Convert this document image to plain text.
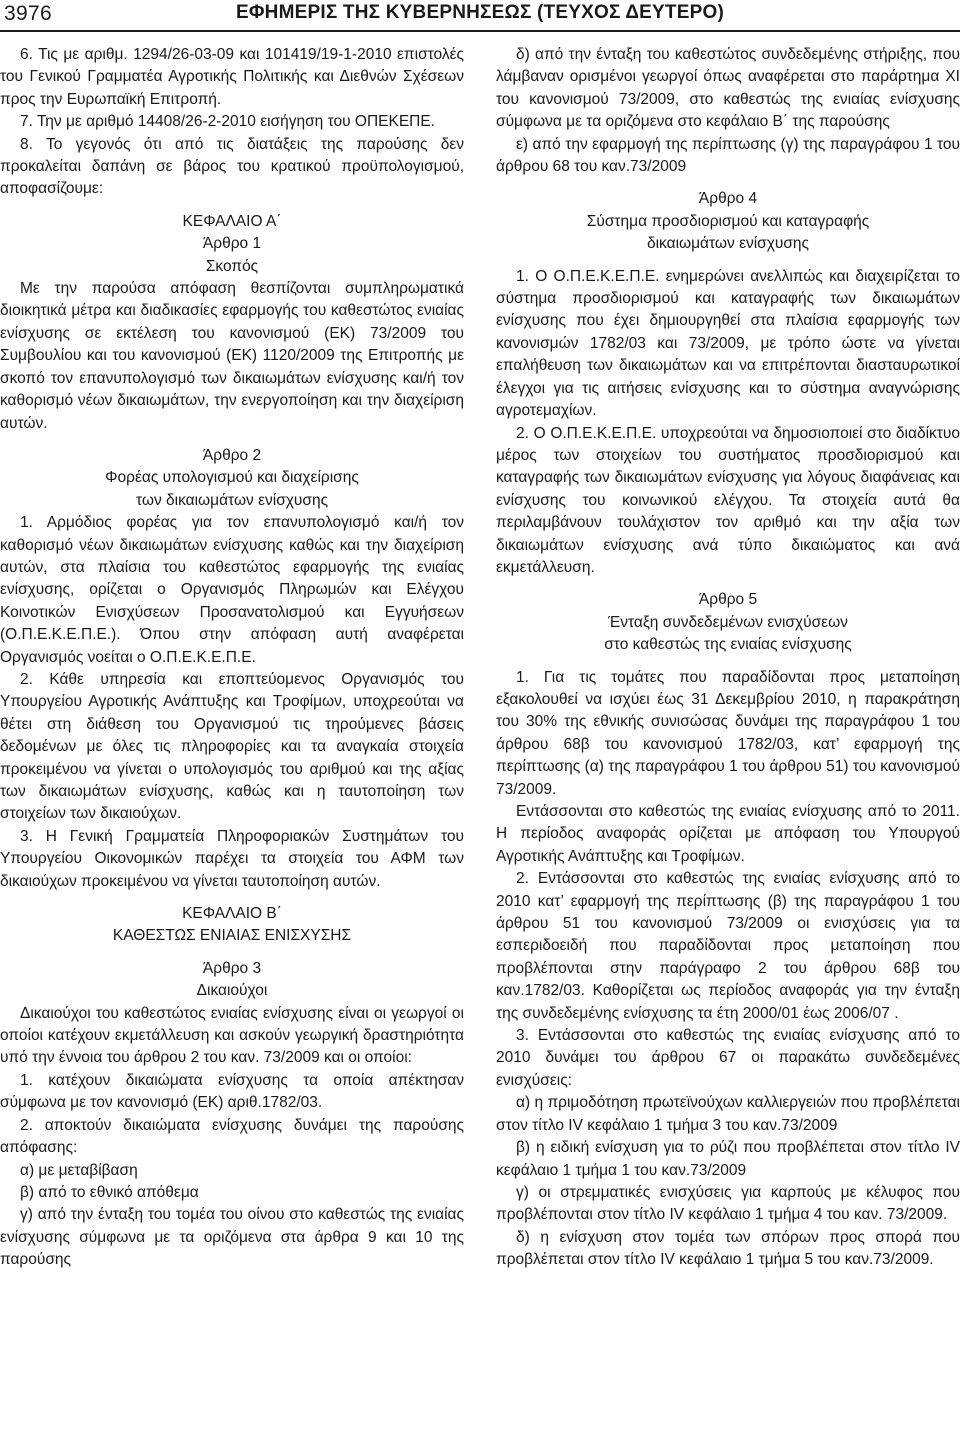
3976	ΕΦΗΜΕΡΙΣ ΤΗΣ ΚΥΒΕΡΝΗΣΕΩΣ (ΤΕΥΧΟΣ ΔΕΥΤΕΡΟ)

6. Τις με αριθμ. 1294/26-03-09 και 101419/19-1-2010 επιστολές του Γενικού Γραμματέα Αγροτικής Πολιτικής και Διεθνών Σχέσεων προς την Ευρωπαϊκή Επιτροπή.

7. Την με αριθμό 14408/26-2-2010 εισήγηση του ΟΠΕΚΕΠΕ.

8. Το γεγονός ότι από τις διατάξεις της παρούσης δεν προκαλείται δαπάνη σε βάρος του κρατικού προϋπολογισμού, αποφασίζουμε:

ΚΕΦΑΛΑΙΟ Α΄

Άρθρο 1

Σκοπός

Με την παρούσα απόφαση θεσπίζονται συμπληρωματικά διοικητικά μέτρα και διαδικασίες εφαρμογής του καθεστώτος ενιαίας ενίσχυσης σε εκτέλεση του κανονισμού (ΕΚ) 73/2009 του Συμβουλίου και του κανονισμού (ΕΚ) 1120/2009 της Επιτροπής με σκοπό τον επανυπολογισμό των δικαιωμάτων ενίσχυσης και/ή τον καθορισμό νέων δικαιωμάτων, την ενεργοποίηση και την διαχείριση αυτών.

Άρθρο 2

Φορέας υπολογισμού και διαχείρισης

των δικαιωμάτων ενίσχυσης

1. Αρμόδιος φορέας για τον επανυπολογισμό και/ή τον καθορισμό νέων δικαιωμάτων ενίσχυσης καθώς και την διαχείριση αυτών, στα πλαίσια του καθεστώτος εφαρμογής της ενιαίας ενίσχυσης, ορίζεται ο Οργανισμός Πληρωμών και Ελέγχου Κοινοτικών Ενισχύσεων Προσανατολισμού και Εγγυήσεων (Ο.Π.Ε.Κ.Ε.Π.Ε.). Όπου στην απόφαση αυτή αναφέρεται Οργανισμός νοείται ο Ο.Π.Ε.Κ.Ε.Π.Ε.

2. Κάθε υπηρεσία και εποπτεύομενος Οργανισμός του Υπουργείου Αγροτικής Ανάπτυξης και Τροφίμων, υποχρεούται να θέτει στη διάθεση του Οργανισμού τις τηρούμενες βάσεις δεδομένων με όλες τις πληροφορίες και τα αναγκαία στοιχεία προκειμένου να γίνεται ο υπολογισμός του αριθμού και της αξίας των δικαιωμάτων ενίσχυσης, καθώς και η ταυτοποίηση των στοιχείων των δικαιούχων.

3. Η Γενική Γραμματεία Πληροφοριακών Συστημάτων του Υπουργείου Οικονομικών παρέχει τα στοιχεία του ΑΦΜ των δικαιούχων προκειμένου να γίνεται ταυτοποίηση αυτών.

ΚΕΦΑΛΑΙΟ Β΄

ΚΑΘΕΣΤΩΣ ΕΝΙΑΙΑΣ ΕΝΙΣΧΥΣΗΣ

Άρθρο 3

Δικαιούχοι

Δικαιούχοι του καθεστώτος ενιαίας ενίσχυσης είναι οι γεωργοί οι οποίοι κατέχουν εκμετάλλευση και ασκούν γεωργική δραστηριότητα υπό την έννοια του άρθρου 2 του καν. 73/2009 και οι οποίοι:

1. κατέχουν δικαιώματα ενίσχυσης τα οποία απέκτησαν σύμφωνα με τον κανονισμό (ΕΚ) αριθ.1782/03.

2. αποκτούν δικαιώματα ενίσχυσης δυνάμει της παρούσης απόφασης:

α) με μεταβίβαση

β) από το εθνικό απόθεμα

γ) από την ένταξη του τομέα του οίνου στο καθεστώς της ενιαίας ενίσχυσης σύμφωνα με τα οριζόμενα στα άρθρα 9 και 10 της παρούσης

δ) από την ένταξη του καθεστώτος συνδεδεμένης στήριξης, που λάμβαναν ορισμένοι γεωργοί όπως αναφέρεται στο παράρτημα XI του κανονισμού 73/2009, στο καθεστώς της ενιαίας ενίσχυσης σύμφωνα με τα οριζόμενα στο κεφάλαιο Β΄ της παρούσης

ε) από την εφαρμογή της περίπτωσης (γ) της παραγράφου 1 του άρθρου 68 του καν.73/2009

Άρθρο 4

Σύστημα προσδιορισμού και καταγραφής

δικαιωμάτων ενίσχυσης

1. Ο Ο.Π.Ε.Κ.Ε.Π.Ε. ενημερώνει ανελλιπώς και διαχειρίζεται το σύστημα προσδιορισμού και καταγραφής των δικαιωμάτων ενίσχυσης που έχει δημιουργηθεί στα πλαίσια εφαρμογής των κανονισμών 1782/03 και 73/2009, με τρόπο ώστε να γίνεται επαλήθευση των δικαιωμάτων και να επιτρέπονται διασταυρωτικοί έλεγχοι για τις αιτήσεις ενίσχυσης και το σύστημα αναγνώρισης αγροτεμαχίων.

2. Ο Ο.Π.Ε.Κ.Ε.Π.Ε. υποχρεούται να δημοσιοποιεί στο διαδίκτυο μέρος των στοιχείων του συστήματος προσδιορισμού και καταγραφής των δικαιωμάτων ενίσχυσης για λόγους διαφάνειας και ενίσχυσης του κοινωνικού ελέγχου. Τα στοιχεία αυτά θα περιλαμβάνουν τουλάχιστον τον αριθμό και την αξία των δικαιωμάτων ενίσχυσης ανά τύπο δικαιώματος και ανά εκμετάλλευση.

Άρθρο 5

Ένταξη συνδεδεμένων ενισχύσεων

στο καθεστώς της ενιαίας ενίσχυσης

1. Για τις τομάτες που παραδίδονται προς μεταποίηση εξακολουθεί να ισχύει έως 31 Δεκεμβρίου 2010, η παρακράτηση του 30% της εθνικής συνισώσας δυνάμει της παραγράφου 1 του άρθρου 68β του κανονισμού 1782/03, κατ’ εφαρμογή της περίπτωσης (α) της παραγράφου 1 του άρθρου 51) του κανονισμού 73/2009.

Εντάσσονται στο καθεστώς της ενιαίας ενίσχυσης από το 2011. Η περίοδος αναφοράς ορίζεται με απόφαση του Υπουργού Αγροτικής Ανάπτυξης και Τροφίμων.

2. Εντάσσονται στο καθεστώς της ενιαίας ενίσχυσης από το 2010 κατ’ εφαρμογή της περίπτωσης (β) της παραγράφου 1 του άρθρου 51 του κανονισμού 73/2009 οι ενισχύσεις για τα εσπεριδοειδή που παραδίδονται προς μεταποίηση που προβλέπονται στην παράγραφο 2 του άρθρου 68β του καν.1782/03. Καθορίζεται ως περίοδος αναφοράς για την ένταξη της συνδεδεμένης ενίσχυσης τα έτη 2000/01 έως 2006/07 .

3. Εντάσσονται στο καθεστώς της ενιαίας ενίσχυσης από το 2010 δυνάμει του άρθρου 67 οι παρακάτω συνδεδεμένες ενισχύσεις:

α) η πριμοδότηση πρωτεϊνούχων καλλιεργειών που προβλέπεται στον τίτλο IV κεφάλαιο 1 τμήμα 3 του καν.73/2009

β) η ειδική ενίσχυση για το ρύζι που προβλέπεται στον τίτλο IV κεφάλαιο 1 τμήμα 1 του καν.73/2009

γ) οι στρεμματικές ενισχύσεις για καρπούς με κέλυφος που προβλέπονται στον τίτλο IV κεφάλαιο 1 τμήμα 4 του καν. 73/2009.

δ) η ενίσχυση στον τομέα των σπόρων προς σπορά που προβλέπεται στον τίτλο IV κεφάλαιο 1 τμήμα 5 του καν.73/2009.
